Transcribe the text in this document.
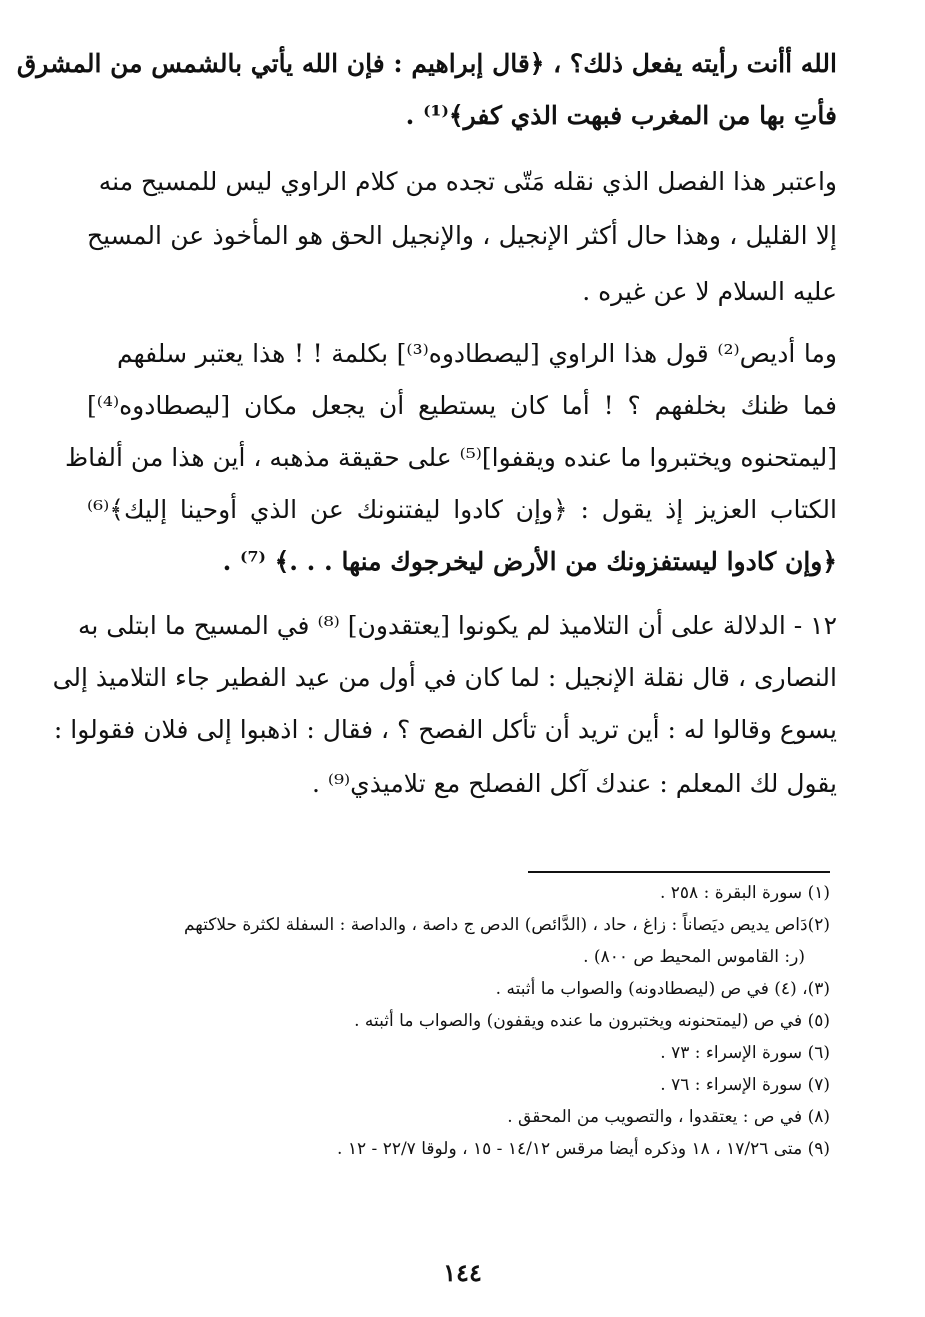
الله أأنت رأيته يفعل ذلك؟ ، ﴿قال إبراهيم : فإن الله يأتي بالشمس من المشرق
فأتِ بها من المغرب فبهت الذي كفر﴾⁽¹⁾ .
واعتبر هذا الفصل الذي نقله مَتّى تجده من كلام الراوي ليس للمسيح منه
إلا القليل ، وهذا حال أكثر الإنجيل ، والإنجيل الحق هو المأخوذ عن المسيح
عليه السلام لا عن غيره .
وما أديص⁽²⁾ قول هذا الراوي [ليصطادوه⁽³⁾] بكلمة ! ! هذا يعتبر سلفهم
فما ظنك بخلفهم ؟ ! أما كان يستطيع أن يجعل مكان [ليصطادوه⁽⁴⁾]
[ليمتحنوه ويختبروا ما عنده ويقفوا]⁽⁵⁾ على حقيقة مذهبه ، أين هذا من ألفاظ
الكتاب العزيز إذ يقول : ﴿وإن كادوا ليفتنونك عن الذي أوحينا إليك﴾⁽⁶⁾
﴿وإن كادوا ليستفزونك من الأرض ليخرجوك منها . . .﴾ ⁽⁷⁾ .
١٢ - الدلالة على أن التلاميذ لم يكونوا [يعتقدون] ⁽⁸⁾ في المسيح ما ابتلى به
النصارى ، قال نقلة الإنجيل : لما كان في أول من عيد الفطير جاء التلاميذ إلى
يسوع وقالوا له : أين تريد أن تأكل الفصح ؟ ، فقال : اذهبوا إلى فلان فقولوا :
يقول لك المعلم : عندك آكل الفصلح مع تلاميذي⁽⁹⁾ .
(١) سورة البقرة : ٢٥٨ .
(٢)دَاص يديص ديَصاناً : زاغ ، حاد ، (الدَّائص) الدص ج داصة ، والداصة : السفلة لكثرة حلاكتهم
(ر: القاموس المحيط ص ٨٠٠) .
(٣)، (٤) في ص (ليصطادونه) والصواب ما أثبته .
(٥) في ص (ليمتحنونه ويختبرون ما عنده ويقفون) والصواب ما أثبته .
(٦) سورة الإسراء : ٧٣ .
(٧) سورة الإسراء : ٧٦ .
(٨) في ص : يعتقدوا ، والتصويب من المحقق .
(٩) متى ١٧/٢٦ ، ١٨ وذكره أيضا مرقس ١٤/١٢ - ١٥ ، ولوقا ٢٢/٧ - ١٢ .
١٤٤
